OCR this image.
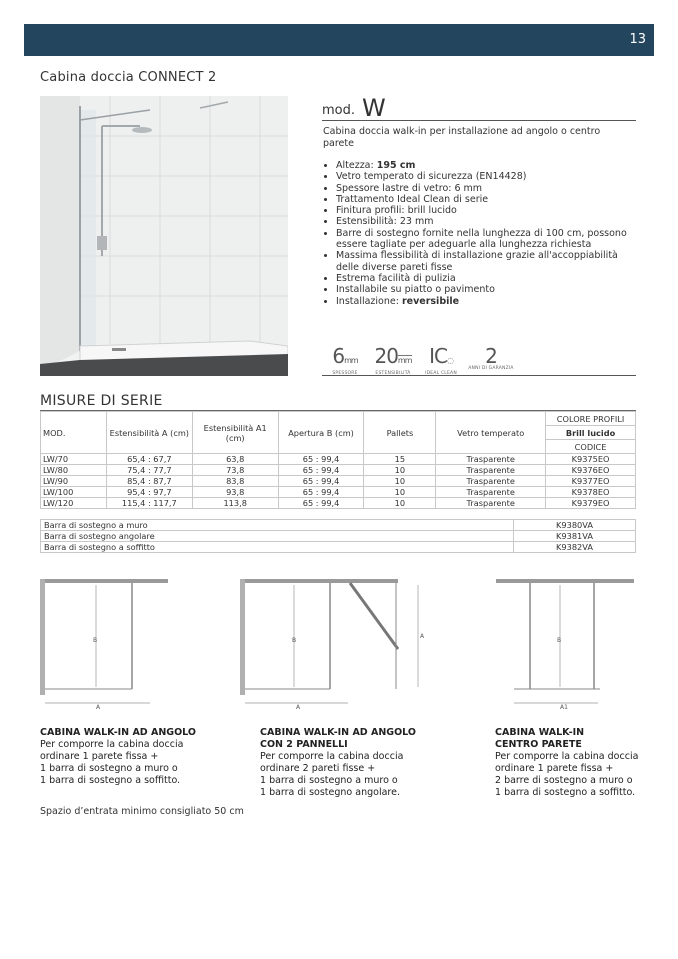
13
Cabina doccia CONNECT 2
mod. W
Cabina doccia walk-in per installazione ad angolo o centro parete
• Altezza: 195 cm
• Vetro temperato di sicurezza (EN14428)
• Spessore lastre di vetro: 6 mm
• Trattamento Ideal Clean di serie
• Finitura profili: brill lucido
• Estensibilità: 23 mm
• Barre di sostegno fornite nella lunghezza di 100 cm, possono essere tagliate per adeguarle alla lunghezza richiesta
• Massima flessibilità di installazione grazie all'accoppiabilità delle diverse pareti fisse
• Estrema facilità di pulizia
• Installabile su piatto o pavimento
• Installazione: reversibile
6mm
SPESSORE
20mm
ESTENSIBILITÀ
IC◌
IDEAL CLEAN
2
ANNI DI GARANZIA
MISURE DI SERIE
MOD.	Estensibilità A (cm)	Estensibilità A1 (cm)	Apertura B (cm)	Pallets	Vetro temperato	COLORE PROFILI
						Brill lucido
						CODICE
LW/70	65,4 : 67,7	63,8	65 : 99,4	15	Trasparente	K9375EO
LW/80	75,4 : 77,7	73,8	65 : 99,4	10	Trasparente	K9376EO
LW/90	85,4 : 87,7	83,8	65 : 99,4	10	Trasparente	K9377EO
LW/100	95,4 : 97,7	93,8	65 : 99,4	10	Trasparente	K9378EO
LW/120	115,4 : 117,7	113,8	65 : 99,4	10	Trasparente	K9379EO
Barra di sostegno a muro	K9380VA
Barra di sostegno angolare	K9381VA
Barra di sostegno a soffitto	K9382VA
B
A
B
A
A
B
A1
CABINA WALK-IN AD ANGOLO
Per comporre la cabina doccia
ordinare 1 parete fissa +
1 barra di sostegno a muro o
1 barra di sostegno a soffitto.
CABINA WALK-IN AD ANGOLO
CON 2 PANNELLI
Per comporre la cabina doccia
ordinare 2 pareti fisse +
1 barra di sostegno a muro o
1 barra di sostegno angolare.
CABINA WALK-IN
CENTRO PARETE
Per comporre la cabina doccia
ordinare 1 parete fissa +
2 barre di sostegno a muro o
1 barra di sostegno a soffitto.
Spazio d’entrata minimo consigliato 50 cm
